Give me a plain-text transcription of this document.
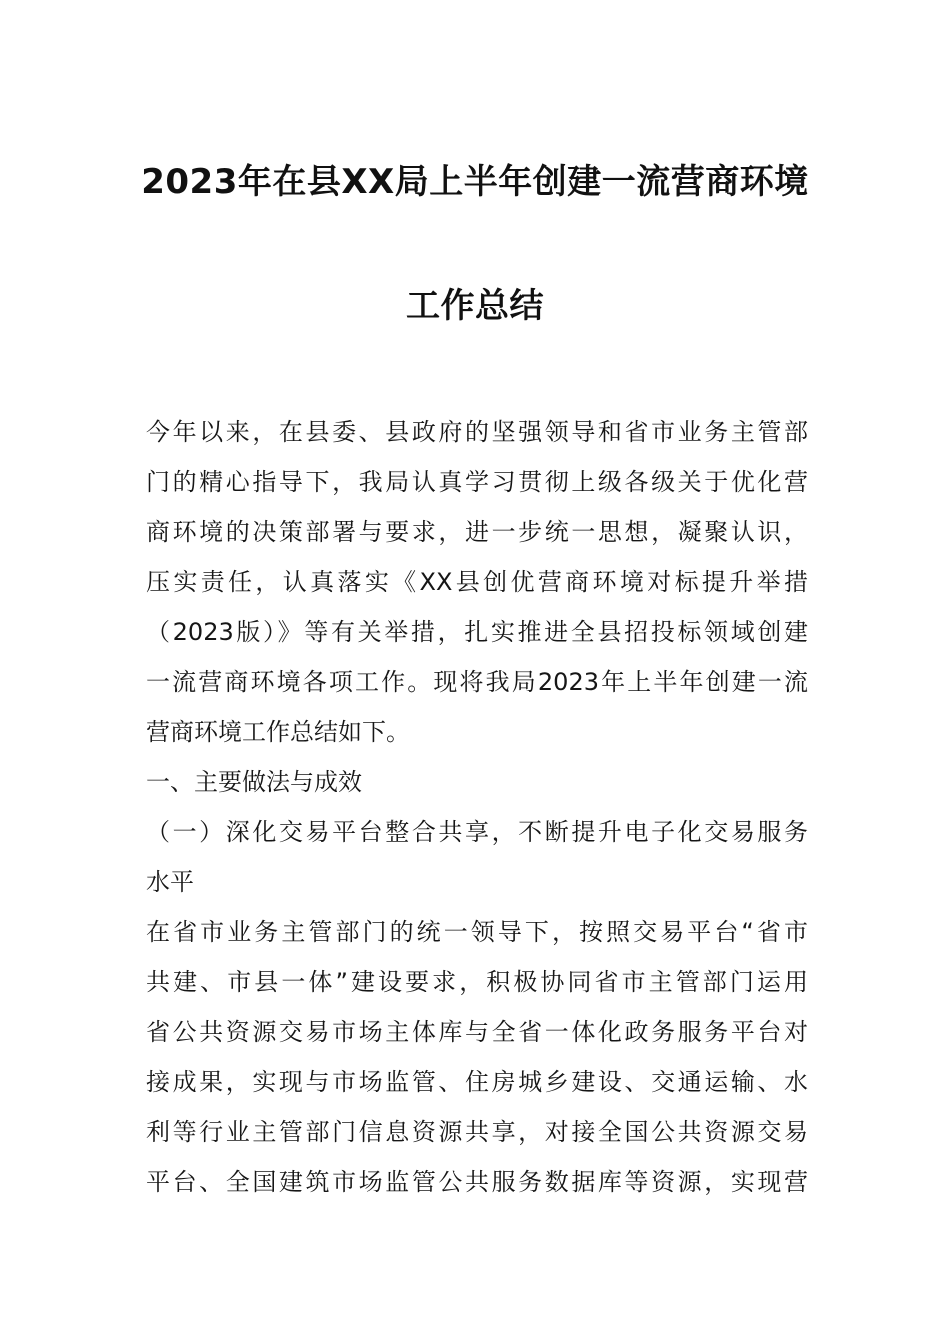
2023年在县XX局上半年创建一流营商环境
工作总结
今年以来，在县委、县政府的坚强领导和省市业务主管部
门的精心指导下，我局认真学习贯彻上级各级关于优化营
商环境的决策部署与要求，进一步统一思想，凝聚认识，
压实责任，认真落实《XX县创优营商环境对标提升举措
（2023版）》等有关举措，扎实推进全县招投标领域创建
一流营商环境各项工作。现将我局2023年上半年创建一流
营商环境工作总结如下。
一、主要做法与成效
（一）深化交易平台整合共享，不断提升电子化交易服务
水平
在省市业务主管部门的统一领导下，按照交易平台“省市
共建、市县一体”建设要求，积极协同省市主管部门运用
省公共资源交易市场主体库与全省一体化政务服务平台对
接成果，实现与市场监管、住房城乡建设、交通运输、水
利等行业主管部门信息资源共享，对接全国公共资源交易
平台、全国建筑市场监管公共服务数据库等资源，实现营
